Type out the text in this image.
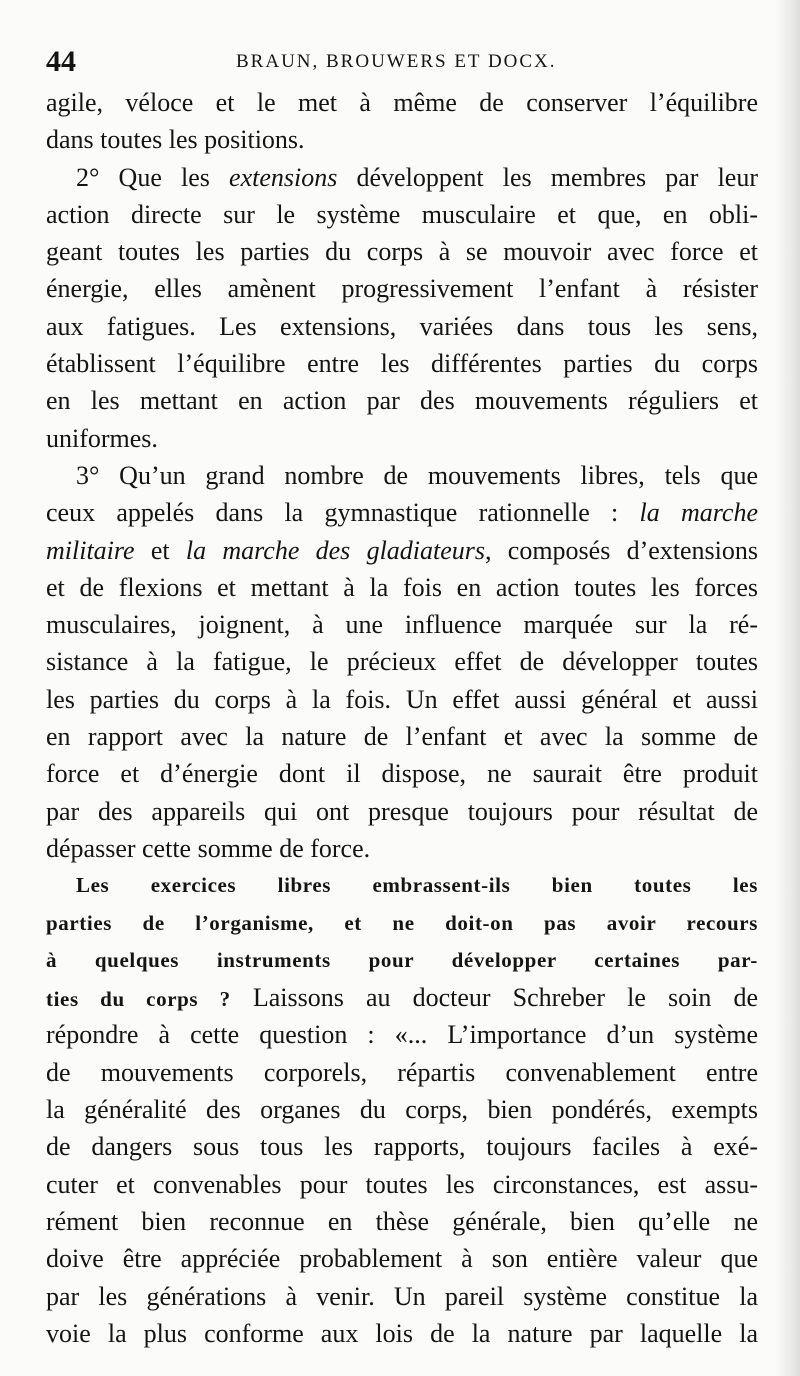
44	BRAUN, BROUWERS ET DOCX.
agile, véloce et le met à même de conserver l’équilibre
dans toutes les positions.
2° Que les extensions développent les membres par leur
action directe sur le système musculaire et que, en obli-
geant toutes les parties du corps à se mouvoir avec force et
énergie, elles amènent progressivement l’enfant à résister
aux fatigues. Les extensions, variées dans tous les sens,
établissent l’équilibre entre les différentes parties du corps
en les mettant en action par des mouvements réguliers et
uniformes.
3° Qu’un grand nombre de mouvements libres, tels que
ceux appelés dans la gymnastique rationnelle : la marche
militaire et la marche des gladiateurs, composés d’extensions
et de flexions et mettant à la fois en action toutes les forces
musculaires, joignent, à une influence marquée sur la ré-
sistance à la fatigue, le précieux effet de développer toutes
les parties du corps à la fois. Un effet aussi général et aussi
en rapport avec la nature de l’enfant et avec la somme de
force et d’énergie dont il dispose, ne saurait être produit
par des appareils qui ont presque toujours pour résultat de
dépasser cette somme de force.
Les exercices libres embrassent-ils bien toutes les
parties de l’organisme, et ne doit-on pas avoir recours
à quelques instruments pour développer certaines par-
ties du corps ? Laissons au docteur Schreber le soin de
répondre à cette question : «... L’importance d’un système
de mouvements corporels, répartis convenablement entre
la généralité des organes du corps, bien pondérés, exempts
de dangers sous tous les rapports, toujours faciles à exé-
cuter et convenables pour toutes les circonstances, est assu-
rément bien reconnue en thèse générale, bien qu’elle ne
doive être appréciée probablement à son entière valeur que
par les générations à venir. Un pareil système constitue la
voie la plus conforme aux lois de la nature par laquelle la
